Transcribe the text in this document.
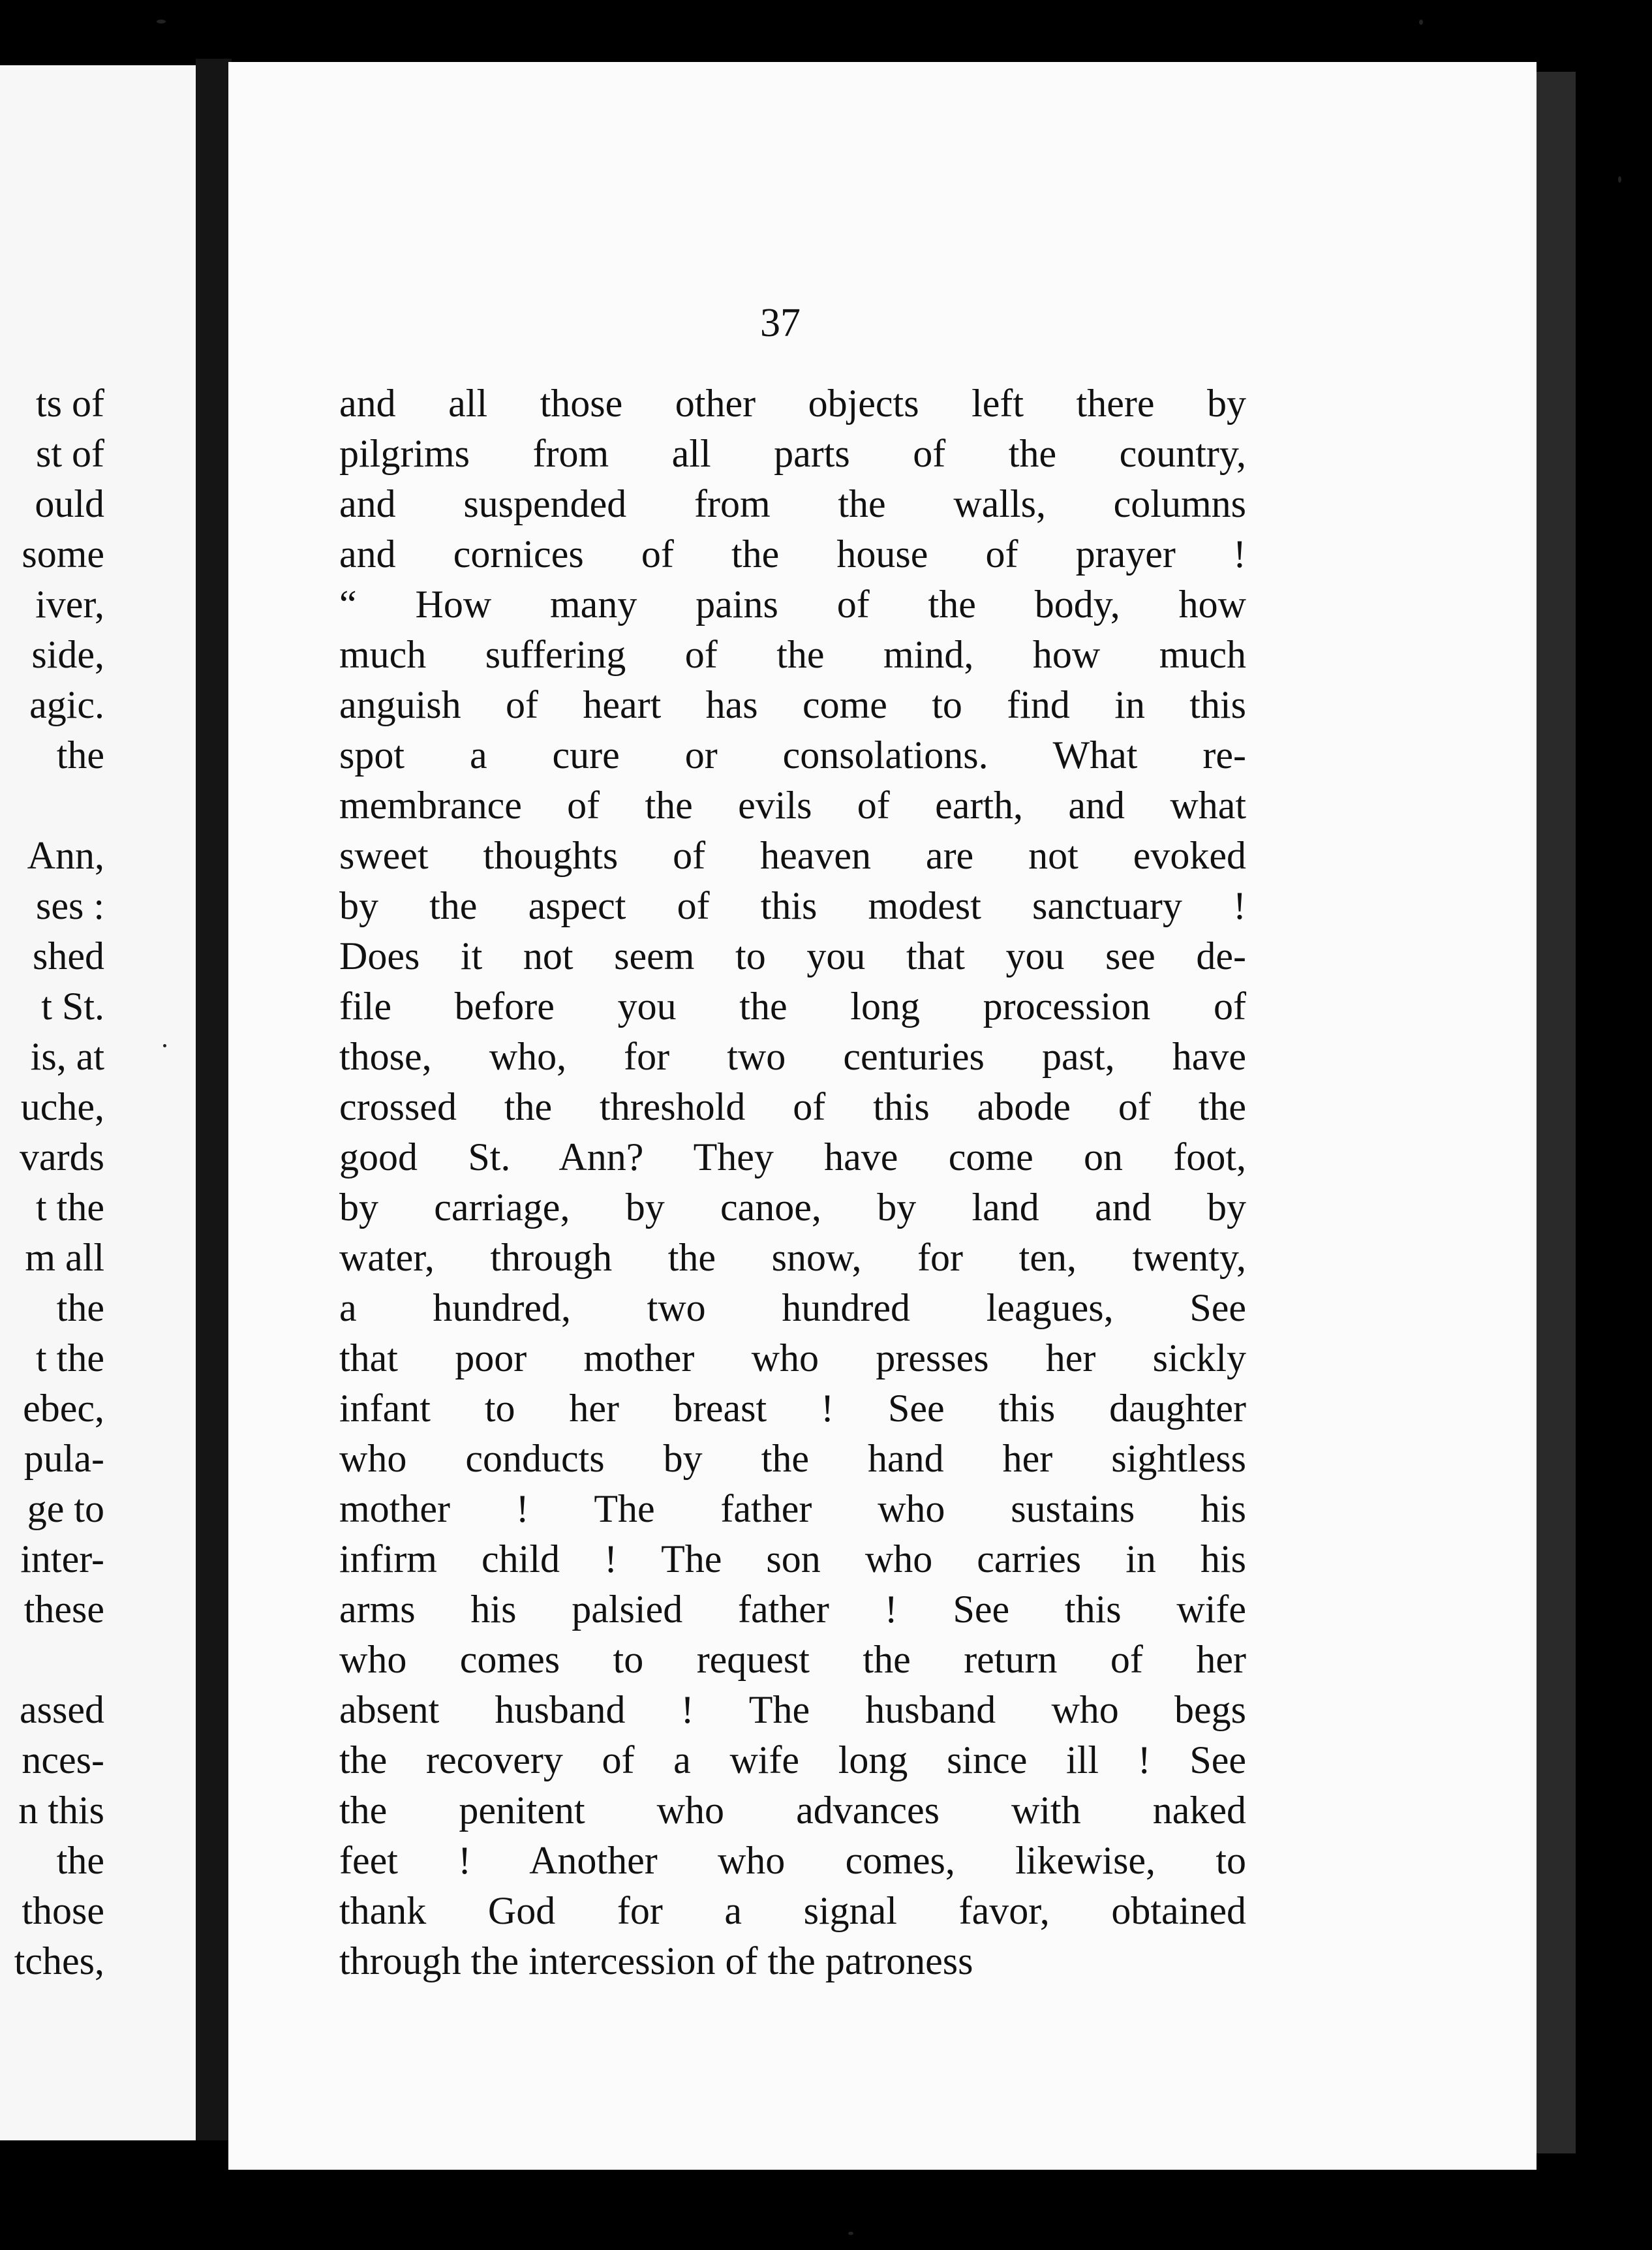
37
and all those other objects left there by
pilgrims from all parts of the country,
and suspended from the walls, columns
and cornices of the house of prayer !
“ How many pains of the body, how
much suffering of the mind, how much
anguish of heart has come to find in this
spot a cure or consolations. What re-
membrance of the evils of earth, and what
sweet thoughts of heaven are not evoked
by the aspect of this modest sanctuary !
Does it not seem to you that you see de-
file before you the long procession of
those, who, for two centuries past, have
crossed the threshold of this abode of the
good St. Ann? They have come on foot,
by carriage, by canoe, by land and by
water, through the snow, for ten, twenty,
a hundred, two hundred leagues, See
that poor mother who presses her sickly
infant to her breast ! See this daughter
who conducts by the hand her sightless
mother ! The father who sustains his
infirm child ! The son who carries in his
arms his palsied father ! See this wife
who comes to request the return of her
absent husband ! The husband who begs
the recovery of a wife long since ill ! See
the penitent who advances with naked
feet ! Another who comes, likewise, to
thank God for a signal favor, obtained
through the intercession of the patroness
ts of
st of
ould
some
iver,
side,
agic.
the
Ann,
ses :
shed
t St.
is, at
uche,
vards
t the
m all
the
t the
ebec,
pula-
ge to
inter-
these
assed
nces-
n this
the
those
tches,
